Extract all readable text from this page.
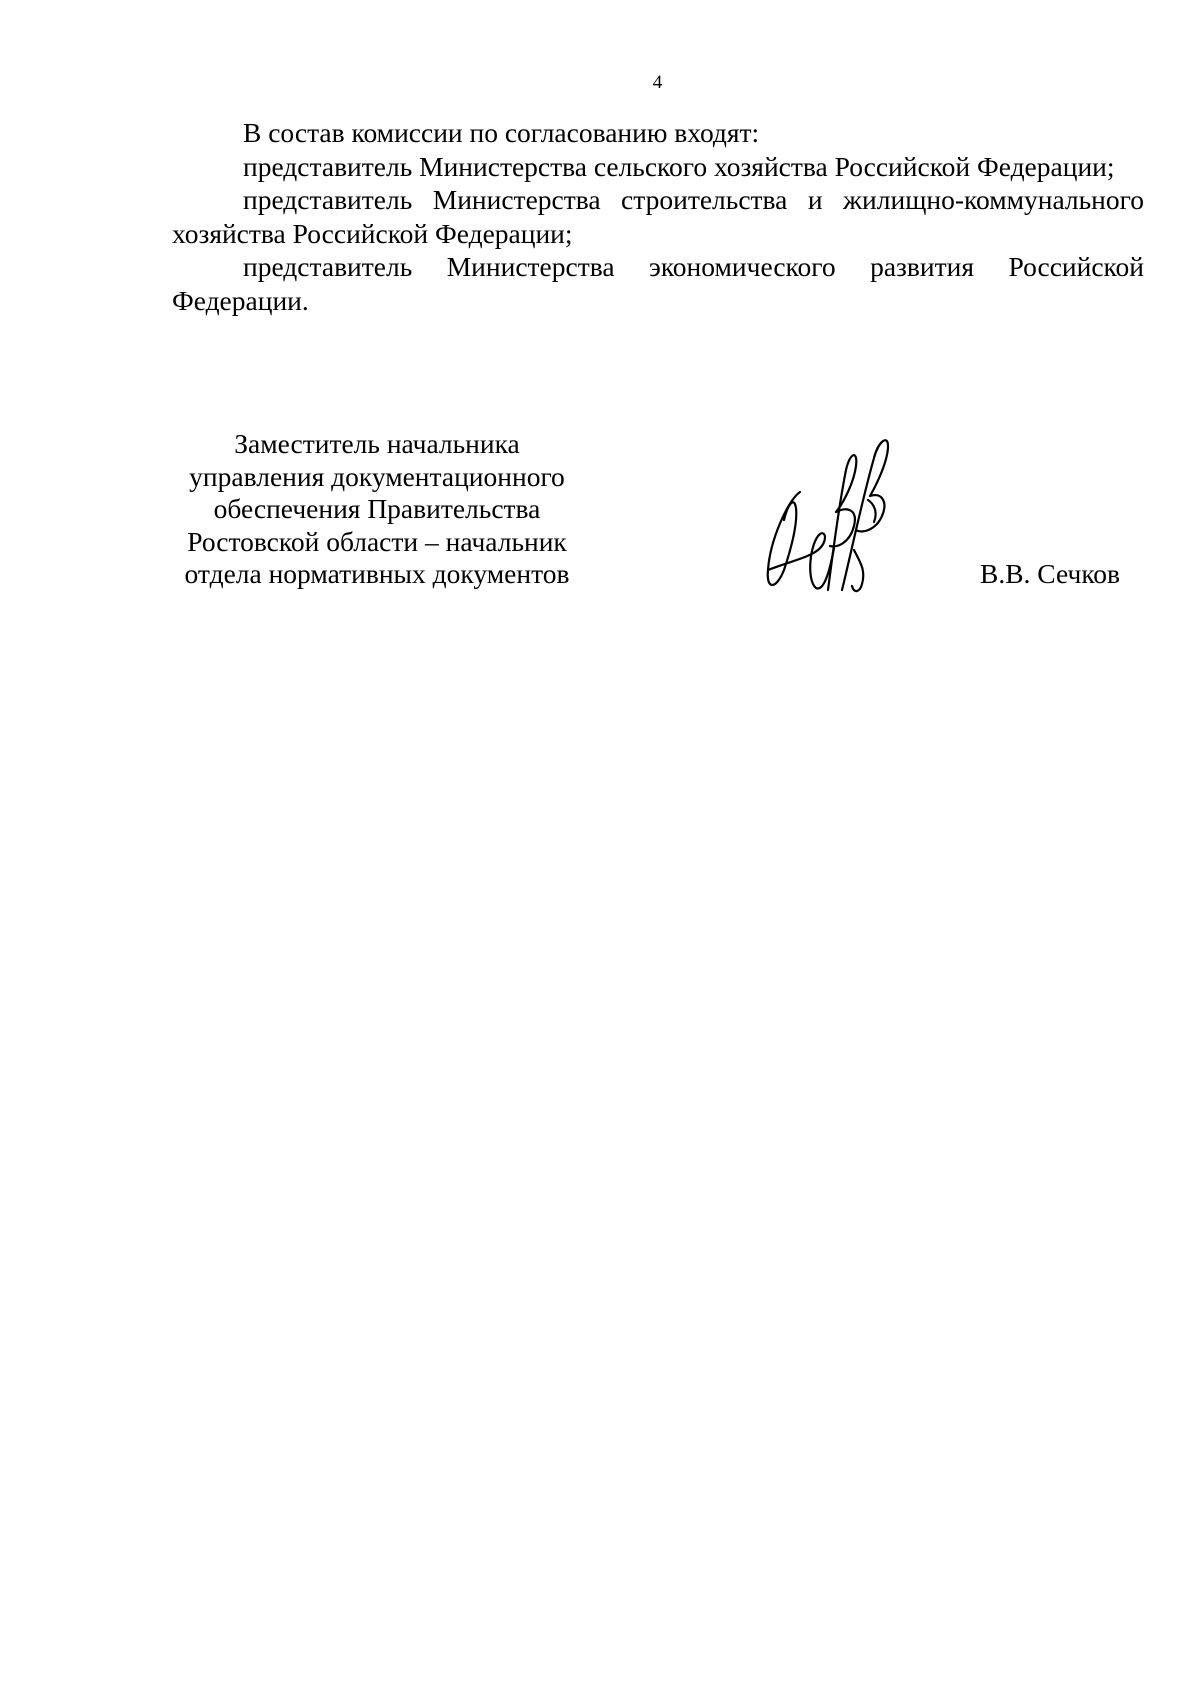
4

В состав комиссии по согласованию входят:

представитель Министерства сельского хозяйства Российской Федерации;

представитель Министерства строительства и жилищно-коммунального хозяйства Российской Федерации;

представитель Министерства экономического развития Российской Федерации.

Заместитель начальника
управления документационного
обеспечения Правительства
Ростовской области – начальник
отдела нормативных документов	В.В. Сечков
